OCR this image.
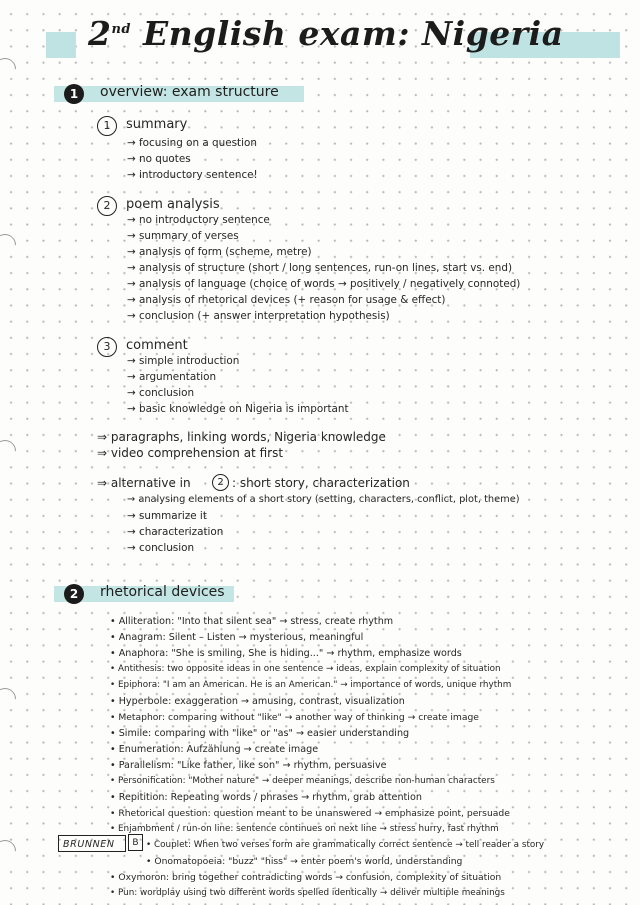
2nd English exam: Nigeria
1	overview: exam structure
1	summary
→ focusing on a question
→ no quotes
→ introductory sentence!
2	poem analysis
→ no introductory sentence
→ summary of verses
→ analysis of form (scheme, metre)
→ analysis of structure (short / long sentences, run-on lines, start vs. end)
→ analysis of language (choice of words → positively / negatively connoted)
→ analysis of rhetorical devices (+ reason for usage & effect)
→ conclusion (+ answer interpretation hypothesis)
3	comment
→ simple introduction
→ argumentation
→ conclusion
→ basic knowledge on Nigeria is important
⇒ paragraphs, linking words, Nigeria knowledge
⇒ video comprehension at first
⇒ alternative in	2 : short story, characterization
→ analysing elements of a short story (setting, characters, conflict, plot, theme)
→ summarize it
→ characterization
→ conclusion
2	rhetorical devices
• Alliteration: "Into that silent sea" → stress, create rhythm
• Anagram: Silent – Listen → mysterious, meaningful
• Anaphora: "She is smiling, She is hiding..." → rhythm, emphasize words
• Antithesis: two opposite ideas in one sentence → ideas, explain complexity of situation
• Epiphora: "I am an American. He is an American." → importance of words, unique rhythm
• Hyperbole: exaggeration → amusing, contrast, visualization
• Metaphor: comparing without "like" → another way of thinking → create image
• Simile: comparing with "like" or "as" → easier understanding
• Enumeration: Aufzählung → create image
• Parallelism: "Like father, like son" → rhythm, persuasive
• Personification: "Mother nature" → deeper meanings, describe non-human characters
• Repitition: Repeating words / phrases → rhythm, grab attention
• Rhetorical question: question meant to be unanswered → emphasize point, persuade
• Enjambment / run-on line: sentence continues on next line → stress hurry, fast rhythm
• Couplet: When two verses form are grammatically correct sentence → tell reader a story
• Onomatopoeia: "buzz" "hiss" → enter poem's world, understanding
• Oxymoron: bring together contradicting words → confusion, complexity of situation
• Pun: wordplay using two different words spelled identically → deliver multiple meanings
BRUNNEN	B
